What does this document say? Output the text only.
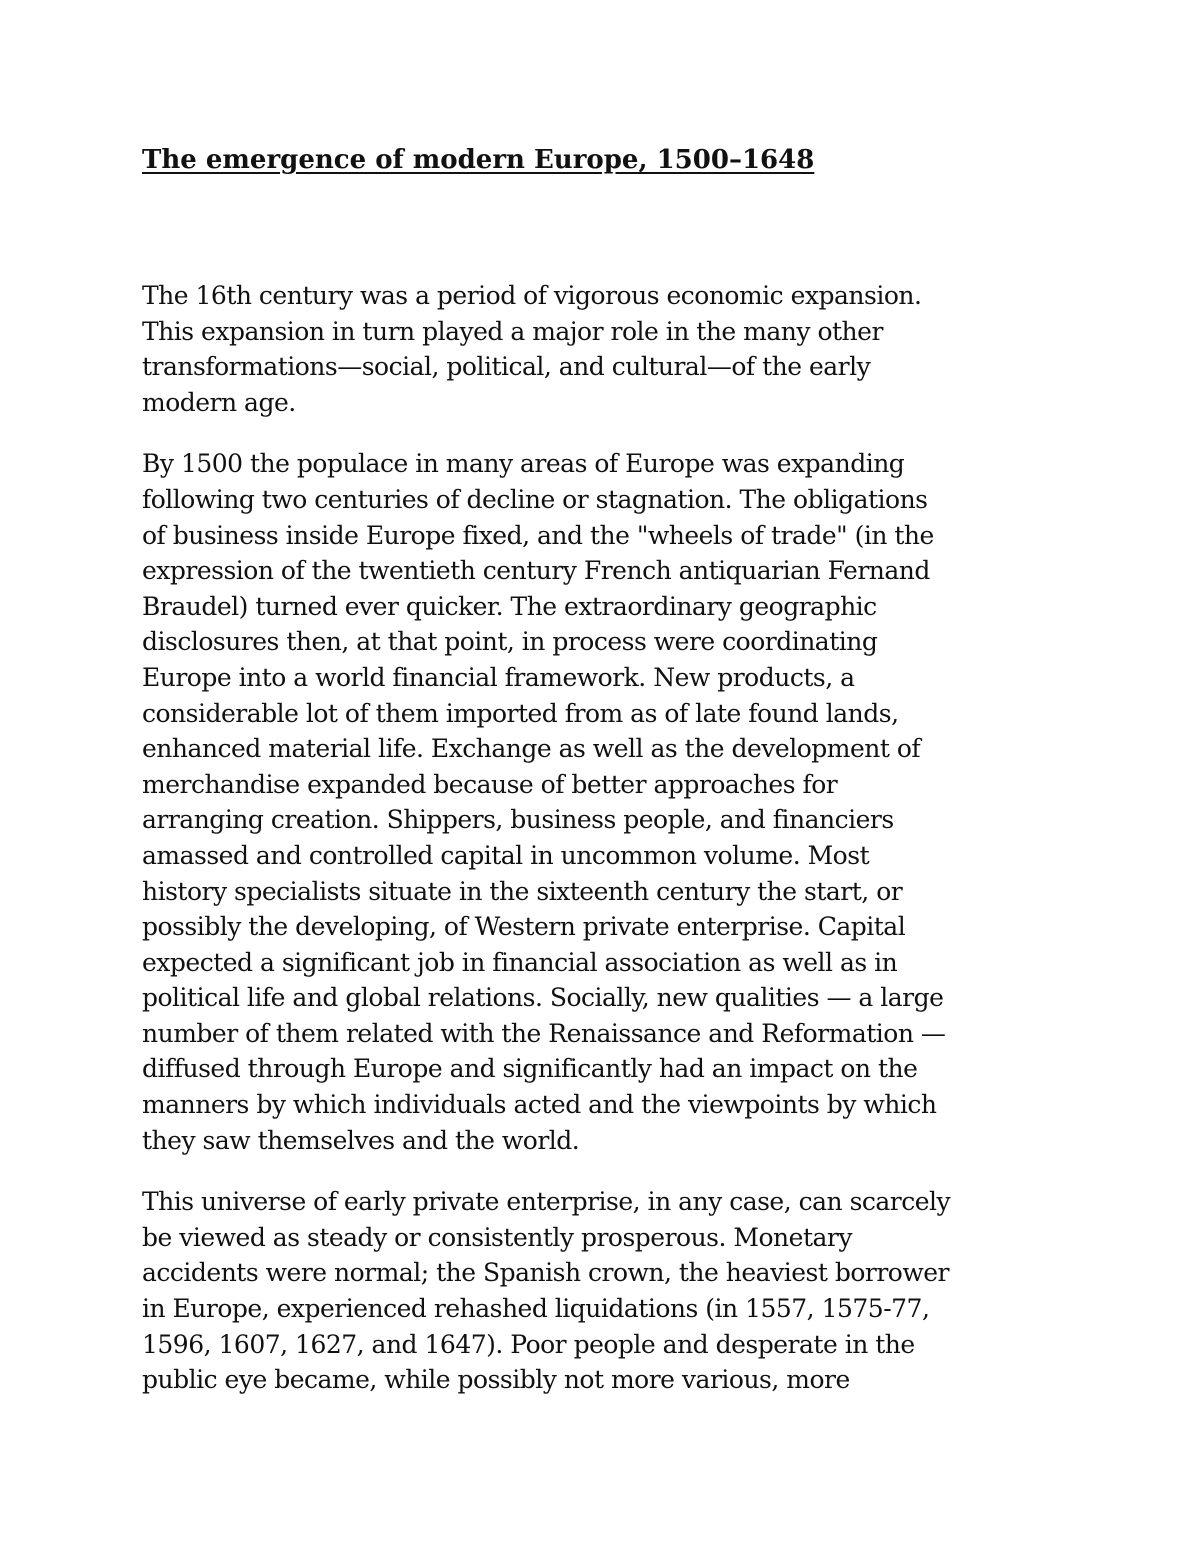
The emergence of modern Europe, 1500–1648

The 16th century was a period of vigorous economic expansion.
This expansion in turn played a major role in the many other
transformations—social, political, and cultural—of the early
modern age.

By 1500 the populace in many areas of Europe was expanding
following two centuries of decline or stagnation. The obligations
of business inside Europe fixed, and the "wheels of trade" (in the
expression of the twentieth century French antiquarian Fernand
Braudel) turned ever quicker. The extraordinary geographic
disclosures then, at that point, in process were coordinating
Europe into a world financial framework. New products, a
considerable lot of them imported from as of late found lands,
enhanced material life. Exchange as well as the development of
merchandise expanded because of better approaches for
arranging creation. Shippers, business people, and financiers
amassed and controlled capital in uncommon volume. Most
history specialists situate in the sixteenth century the start, or
possibly the developing, of Western private enterprise. Capital
expected a significant job in financial association as well as in
political life and global relations. Socially, new qualities — a large
number of them related with the Renaissance and Reformation —
diffused through Europe and significantly had an impact on the
manners by which individuals acted and the viewpoints by which
they saw themselves and the world.

This universe of early private enterprise, in any case, can scarcely
be viewed as steady or consistently prosperous. Monetary
accidents were normal; the Spanish crown, the heaviest borrower
in Europe, experienced rehashed liquidations (in 1557, 1575-77,
1596, 1607, 1627, and 1647). Poor people and desperate in the
public eye became, while possibly not more various, more
